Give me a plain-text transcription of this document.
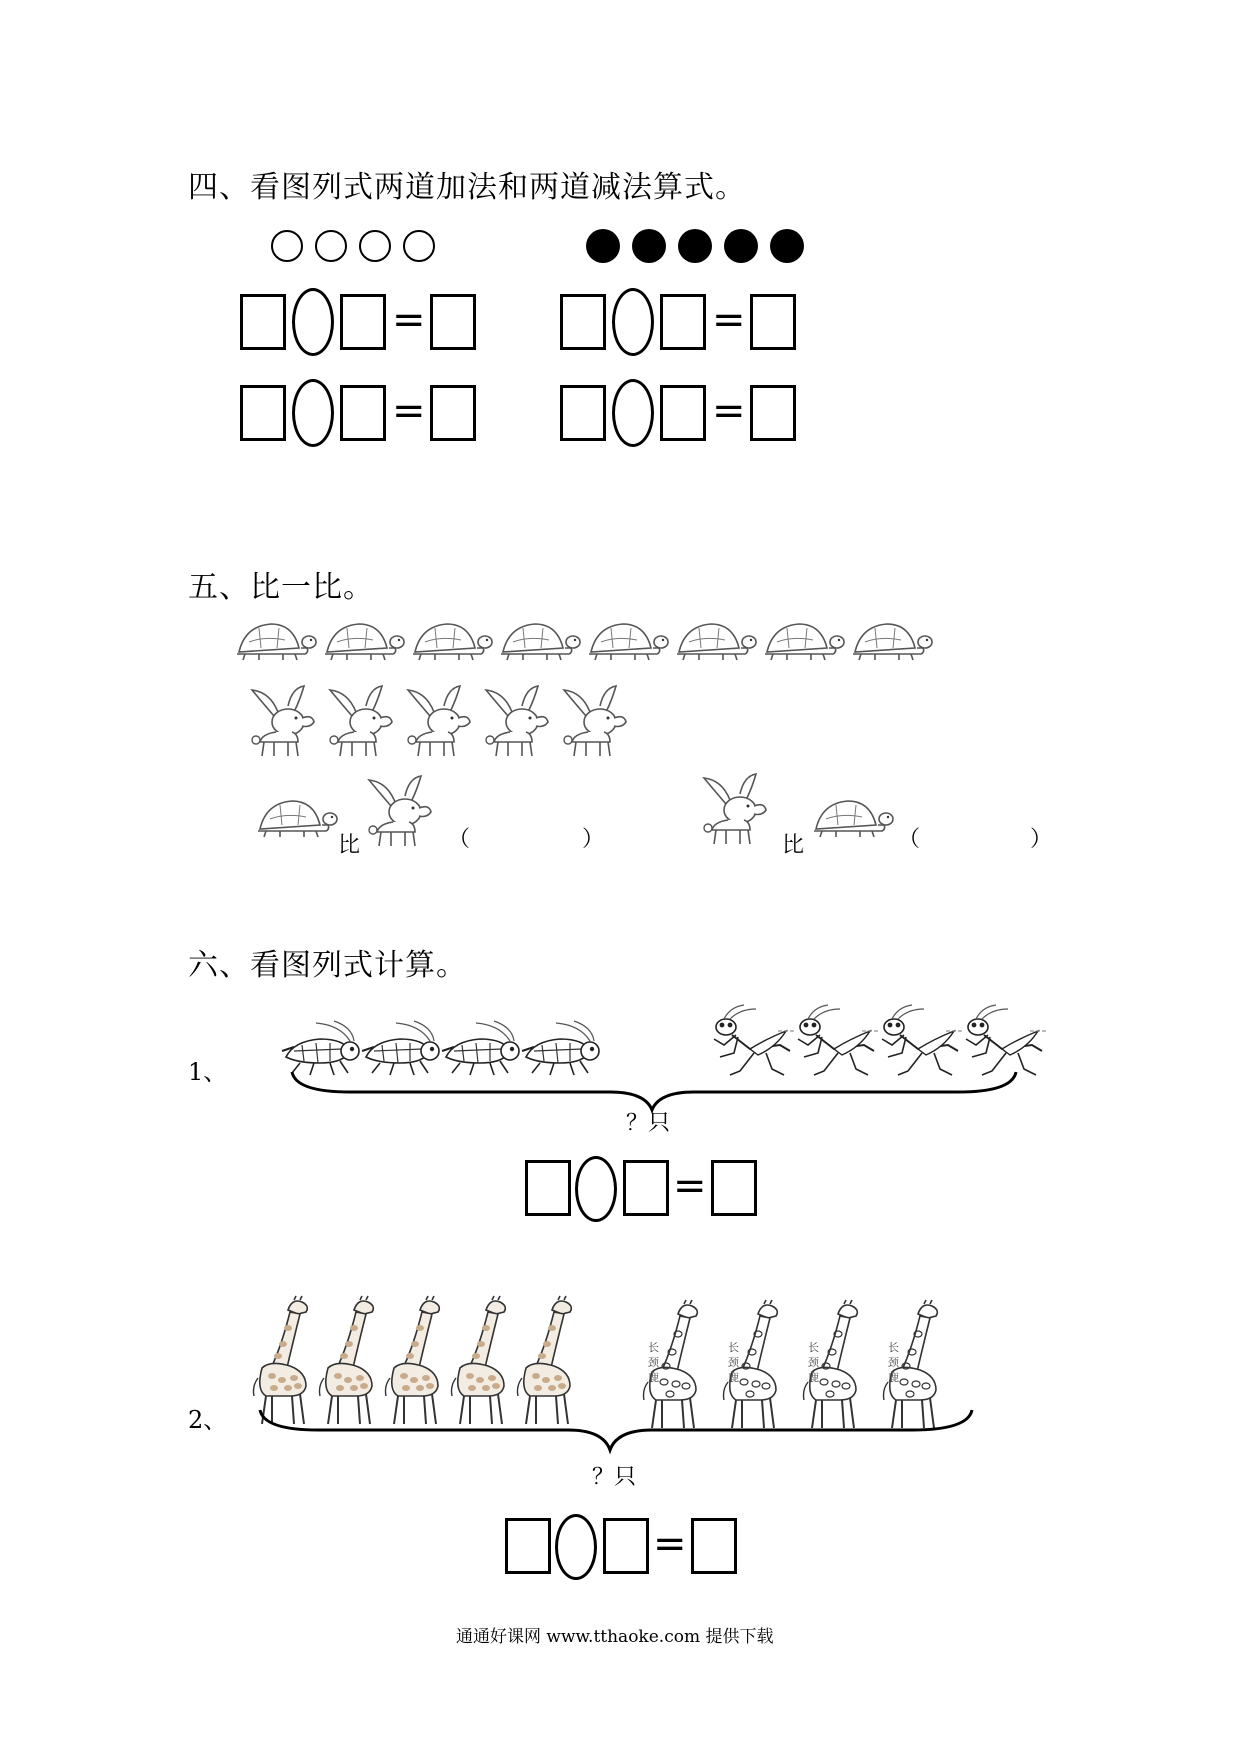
四、看图列式两道加法和两道减法算式。
=
=
=
=
五、比一比。
比	（	）	比	（	）
六、看图列式计算。
1、
？只
=
2、
长颈鹿
长颈鹿
长颈鹿
长颈鹿
？只
=
通通好课网 www.tthaoke.com 提供下载
